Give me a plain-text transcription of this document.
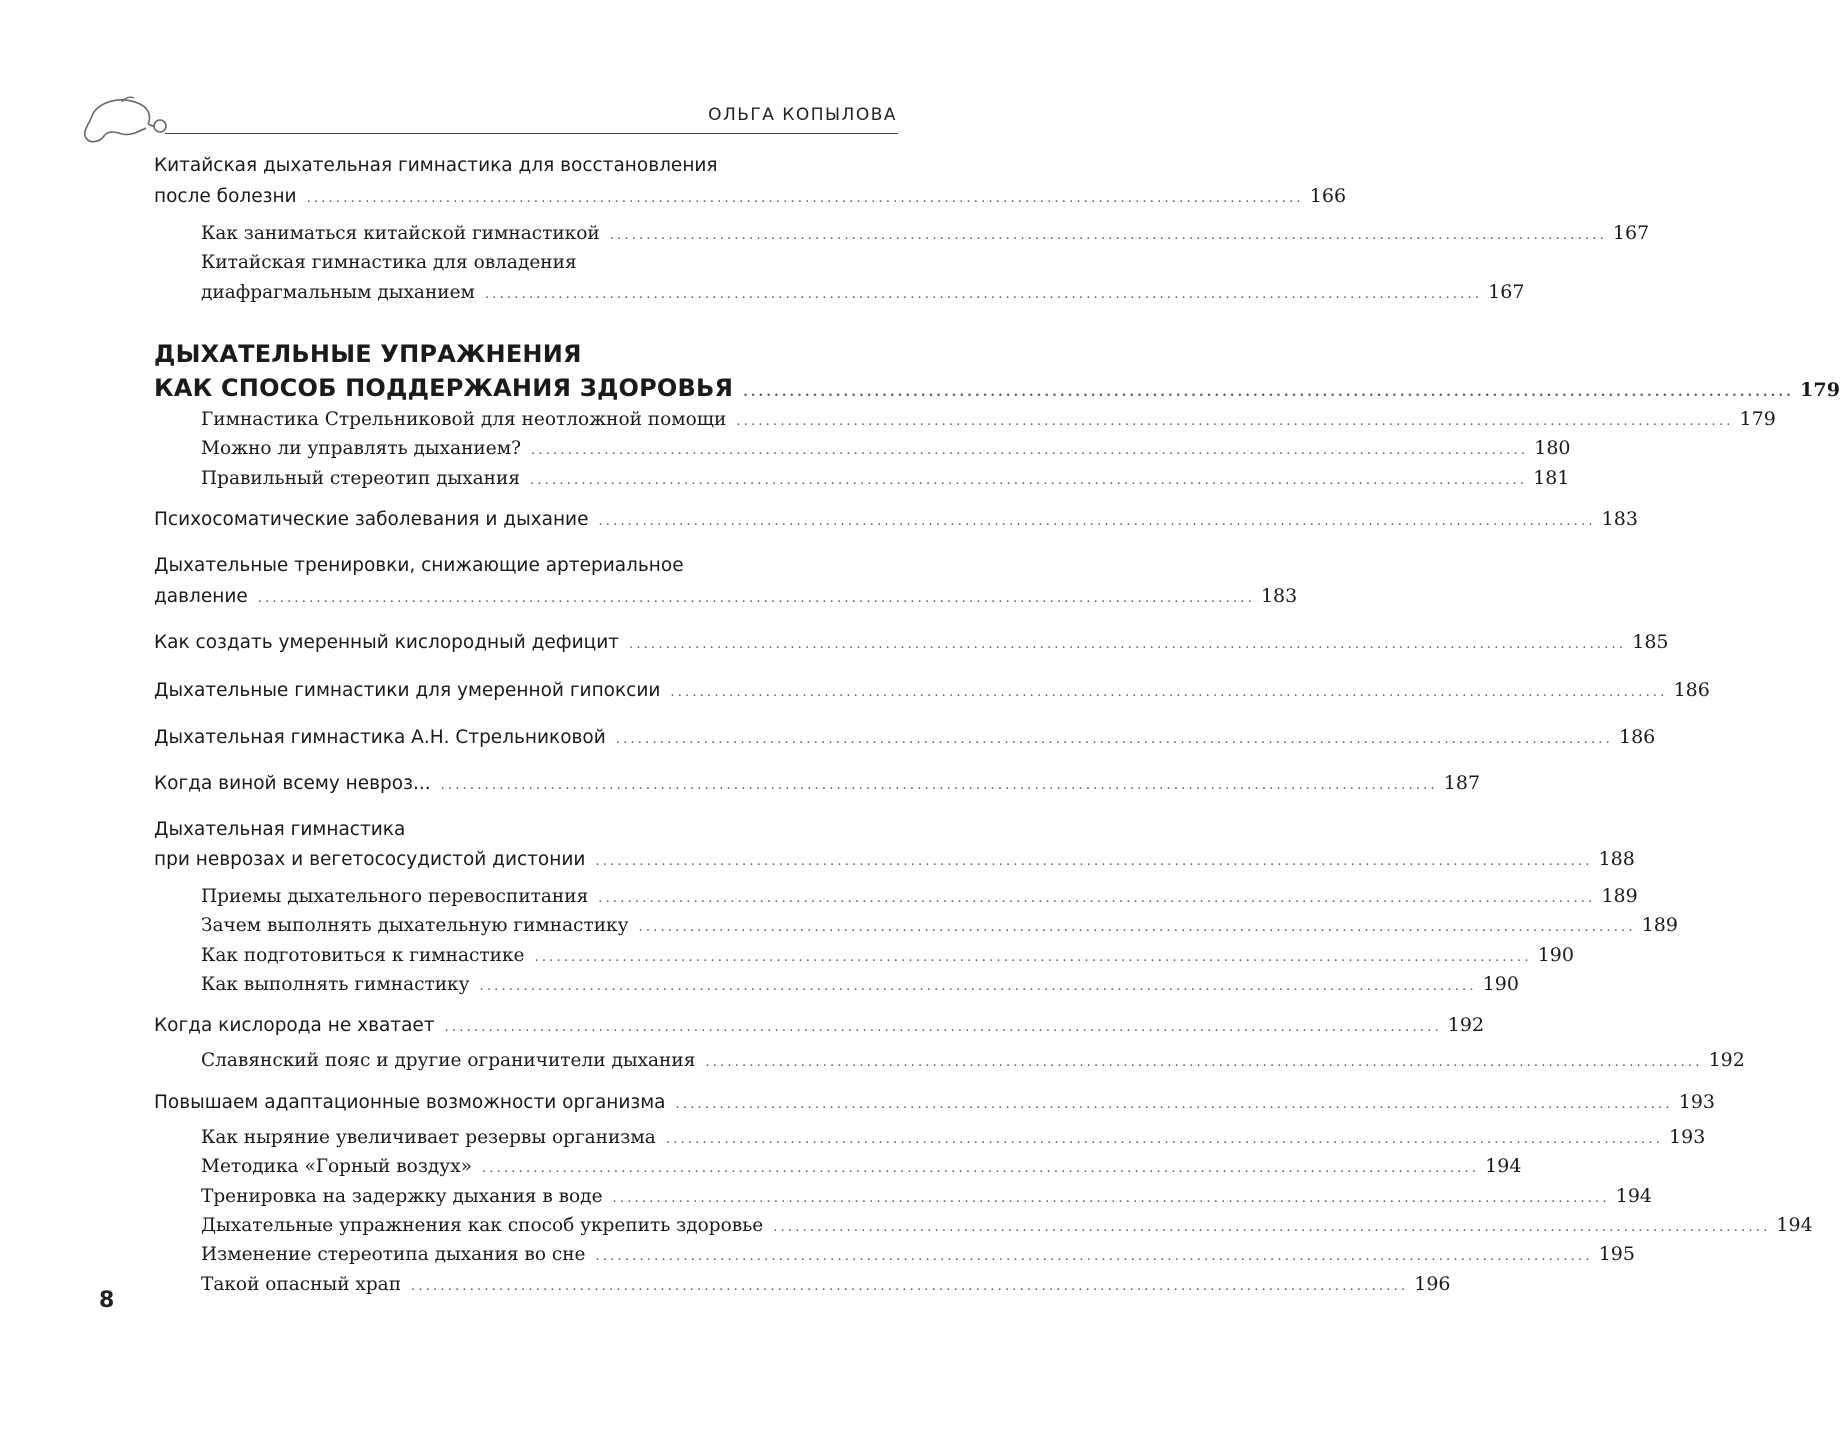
ОЛЬГА КОПЫЛОВА
Китайская дыхательная гимнастика для восстановления
после болезни ........................................................................................................................................ 166
Как заниматься китайской гимнастикой ........................................................................................................................................ 167
Китайская гимнастика для овладения
диафрагмальным дыханием ........................................................................................................................................ 167
ДЫХАТЕЛЬНЫЕ УПРАЖНЕНИЯ
КАК СПОСОБ ПОДДЕРЖАНИЯ ЗДОРОВЬЯ ........................................................................................................................................ 179
Гимнастика Стрельниковой для неотложной помощи ........................................................................................................................................ 179
Можно ли управлять дыханием? ........................................................................................................................................ 180
Правильный стереотип дыхания ........................................................................................................................................ 181
Психосоматические заболевания и дыхание ........................................................................................................................................ 183
Дыхательные тренировки, снижающие артериальное
давление ........................................................................................................................................ 183
Как создать умеренный кислородный дефицит ........................................................................................................................................ 185
Дыхательные гимнастики для умеренной гипоксии ........................................................................................................................................ 186
Дыхательная гимнастика А.Н. Стрельниковой ........................................................................................................................................ 186
Когда виной всему невроз... ........................................................................................................................................ 187
Дыхательная гимнастика
при неврозах и вегетососудистой дистонии ........................................................................................................................................ 188
Приемы дыхательного перевоспитания ........................................................................................................................................ 189
Зачем выполнять дыхательную гимнастику ........................................................................................................................................ 189
Как подготовиться к гимнастике ........................................................................................................................................ 190
Как выполнять гимнастику ........................................................................................................................................ 190
Когда кислорода не хватает ........................................................................................................................................ 192
Славянский пояс и другие ограничители дыхания ........................................................................................................................................ 192
Повышаем адаптационные возможности организма ........................................................................................................................................ 193
Как ныряние увеличивает резервы организма ........................................................................................................................................ 193
Методика «Горный воздух» ........................................................................................................................................ 194
Тренировка на задержку дыхания в воде ........................................................................................................................................ 194
Дыхательные упражнения как способ укрепить здоровье ........................................................................................................................................ 194
Изменение стереотипа дыхания во сне ........................................................................................................................................ 195
Такой опасный храп ........................................................................................................................................ 196
8
